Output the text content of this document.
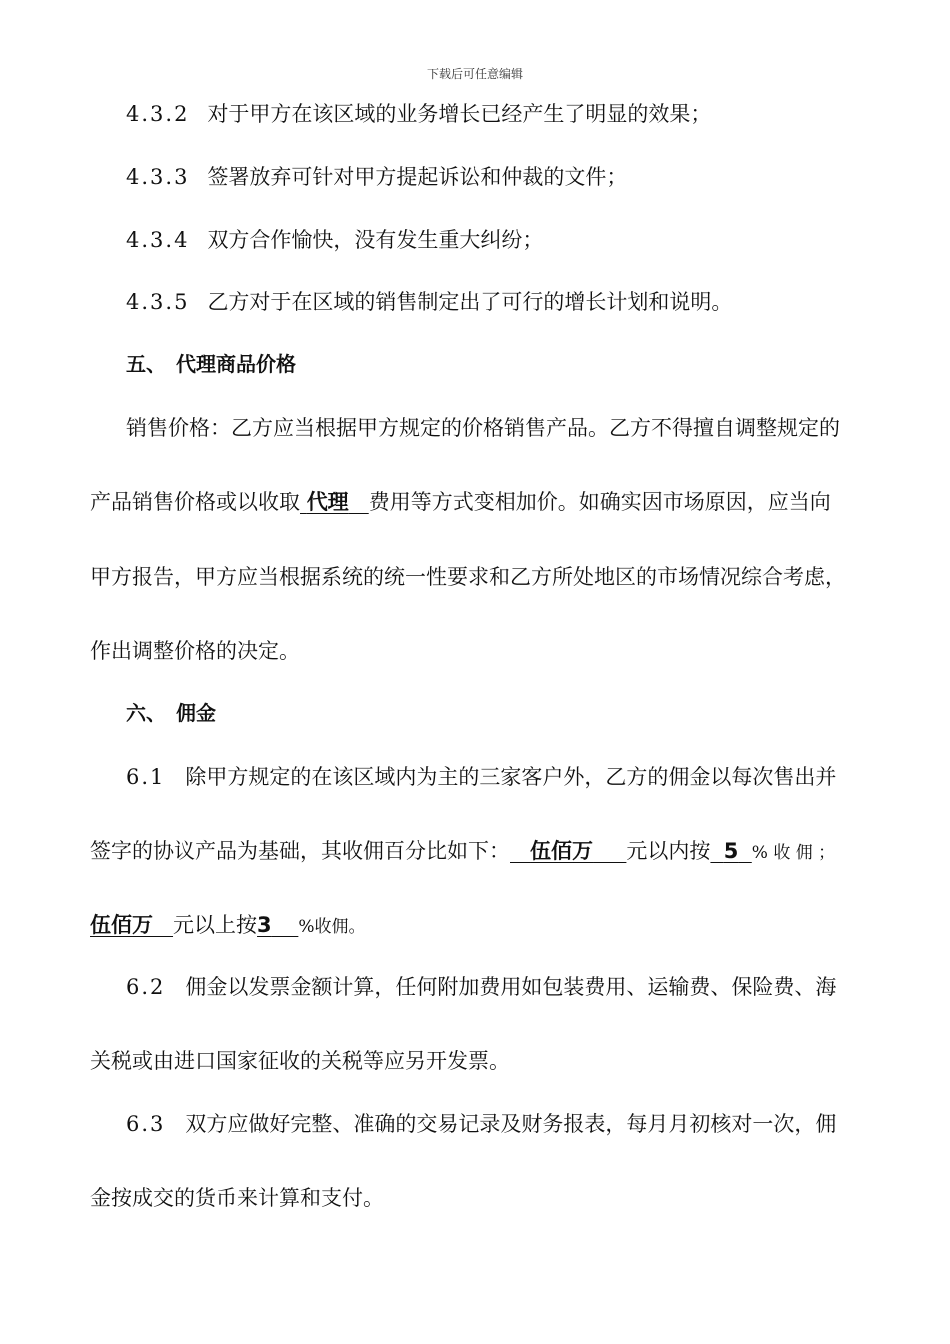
下载后可任意编辑
4.3.2 对于甲方在该区域的业务增长已经产生了明显的效果；
4.3.3 签署放弃可针对甲方提起诉讼和仲裁的文件；
4.3.4 双方合作愉快，没有发生重大纠纷；
4.3.5 乙方对于在区域的销售制定出了可行的增长计划和说明。
五、　代理商品价格
销售价格：乙方应当根据甲方规定的价格销售产品。乙方不得擅自调整规定的
产品销售价格或以收取 代理 费用等方式变相加价。如确实因市场原因，应当向
甲方报告，甲方应当根据系统的统一性要求和乙方所处地区的市场情况综合考虑，
作出调整价格的决定。
六、　佣金
6.1 除甲方规定的在该区域内为主的三家客户外，乙方的佣金以每次售出并
签字的协议产品为基础，其收佣百分比如下： 伍佰万 元以内按 5 % 收 佣 ；
伍佰万 元以上按3 %收佣。
6.2 佣金以发票金额计算，任何附加费用如包装费用、运输费、保险费、海
关税或由进口国家征收的关税等应另开发票。
6.3 双方应做好完整、准确的交易记录及财务报表，每月月初核对一次，佣
金按成交的货币来计算和支付。
